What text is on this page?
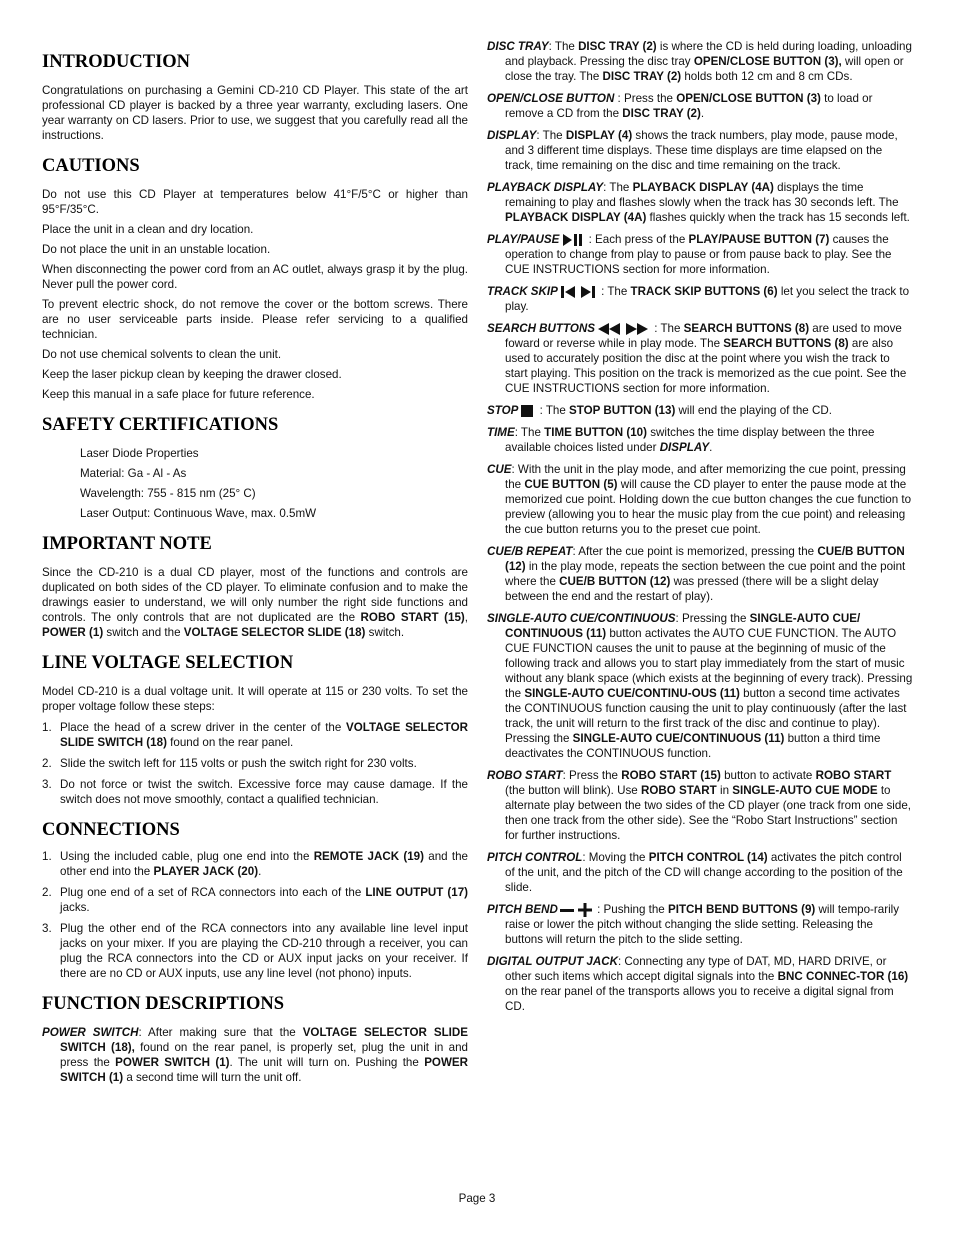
INTRODUCTION

Congratulations on purchasing a Gemini CD-210 CD Player. This state of the art professional CD player is backed by a three year warranty, excluding lasers. One year warranty on CD lasers. Prior to use, we suggest that you carefully read all the instructions.

CAUTIONS

Do not use this CD Player at temperatures below 41°F/5°C or higher than 95°F/35°C.

Place the unit in a clean and dry location.

Do not place the unit in an unstable location.

When disconnecting the power cord from an AC outlet, always grasp it by the plug. Never pull the power cord.

To prevent electric shock, do not remove the cover or the bottom screws. There are no user serviceable parts inside. Please refer servicing to a qualified technician.

Do not use chemical solvents to clean the unit.

Keep the laser pickup clean by keeping the drawer closed.

Keep this manual in a safe place for future reference.

SAFETY CERTIFICATIONS

Laser Diode Properties

Material: Ga - Al - As

Wavelength: 755 - 815 nm (25° C)

Laser Output: Continuous Wave, max. 0.5mW

IMPORTANT NOTE

Since the CD-210 is a dual CD player, most of the functions and controls are duplicated on both sides of the CD player. To eliminate confusion and to make the drawings easier to understand, we will only number the right side functions and controls. The only controls that are not duplicated are the ROBO START (15), POWER (1) switch and the VOLTAGE SELECTOR SLIDE (18) switch.

LINE VOLTAGE SELECTION

Model CD-210 is a dual voltage unit. It will operate at 115 or 230 volts. To set the proper voltage follow these steps:

1. Place the head of a screw driver in the center of the VOLTAGE SELECTOR SLIDE SWITCH (18) found on the rear panel.
2. Slide the switch left for 115 volts or push the switch right for 230 volts.
3. Do not force or twist the switch. Excessive force may cause damage. If the switch does not move smoothly, contact a qualified technician.
CONNECTIONS
1. Using the included cable, plug one end into the REMOTE JACK (19) and the other end into the PLAYER JACK (20).
2. Plug one end of a set of RCA connectors into each of the LINE OUTPUT (17) jacks.
3. Plug the other end of the RCA connectors into any available line level input jacks on your mixer. If you are playing the CD-210 through a receiver, you can plug the RCA connectors into the CD or AUX input jacks on your receiver. If there are no CD or AUX inputs, use any line level (not phono) inputs.
FUNCTION DESCRIPTIONS

POWER SWITCH: After making sure that the VOLTAGE SELECTOR SLIDE SWITCH (18), found on the rear panel, is properly set, plug the unit in and press the POWER SWITCH (1). The unit will turn on. Pushing the POWER SWITCH (1) a second time will turn the unit off.

DISC TRAY: The DISC TRAY (2) is where the CD is held during loading, unloading and playback. Pressing the disc tray OPEN/CLOSE BUTTON (3), will open or close the tray. The DISC TRAY (2) holds both 12 cm and 8 cm CDs.

OPEN/CLOSE BUTTON : Press the OPEN/CLOSE BUTTON (3) to load or remove a CD from the DISC TRAY (2).

DISPLAY: The DISPLAY (4) shows the track numbers, play mode, pause mode, and 3 different time displays. These time displays are time elapsed on the track, time remaining on the disc and time remaining on the track.

PLAYBACK DISPLAY: The PLAYBACK DISPLAY (4A) displays the time remaining to play and flashes slowly when the track has 30 seconds left. The PLAYBACK DISPLAY (4A) flashes quickly when the track has 15 seconds left.

PLAY/PAUSE : Each press of the PLAY/PAUSE BUTTON (7) causes the operation to change from play to pause or from pause back to play. See the CUE INSTRUCTIONS section for more information.

TRACK SKIP	: The TRACK SKIP BUTTONS (6) let you select the track to play.

SEARCH BUTTONS	: The SEARCH BUTTONS (8) are used to move foward or reverse while in play mode. The SEARCH BUTTONS (8) are also used to accurately position the disc at the point where you wish the track to start playing. This position on the track is memorized as the cue point. See the CUE INSTRUCTIONS section for more information.

STOP : The STOP BUTTON (13) will end the playing of the CD.

TIME: The TIME BUTTON (10) switches the time display between the three available choices listed under DISPLAY.

CUE: With the unit in the play mode, and after memorizing the cue point, pressing the CUE BUTTON (5) will cause the CD player to enter the pause mode at the memorized cue point. Holding down the cue button changes the cue function to preview (allowing you to hear the music play from the cue point) and releasing the cue button returns you to the preset cue point.

CUE/B REPEAT: After the cue point is memorized, pressing the CUE/B BUTTON (12) in the play mode, repeats the section between the cue point and the point where the CUE/B BUTTON (12) was pressed (there will be a slight delay between the end and the restart of play).

SINGLE-AUTO CUE/CONTINUOUS: Pressing the SINGLE-AUTO CUE/ CONTINUOUS (11) button activates the AUTO CUE FUNCTION. The AUTO CUE FUNCTION causes the unit to pause at the beginning of music of the following track and allows you to start play immediately from the start of music without any blank space (which exists at the beginning of every track). Pressing the SINGLE-AUTO CUE/CONTINU-OUS (11) button a second time activates the CONTINUOUS function causing the unit to play continuously (after the last track, the unit will return to the first track of the disc and continue to play). Pressing the SINGLE-AUTO CUE/CONTINUOUS (11) button a third time deactivates the CONTINUOUS function.

ROBO START: Press the ROBO START (15) button to activate ROBO START (the button will blink). Use ROBO START in SINGLE-AUTO CUE MODE to alternate play between the two sides of the CD player (one track from one side, then one track from the other side). See the “Robo Start Instructions” section for further instructions.

PITCH CONTROL: Moving the PITCH CONTROL (14) activates the pitch control of the unit, and the pitch of the CD will change according to the position of the slide.

PITCH BEND	: Pushing the PITCH BEND BUTTONS (9) will tempo-rarily raise or lower the pitch without changing the slide setting. Releasing the buttons will return the pitch to the slide setting.

DIGITAL OUTPUT JACK: Connecting any type of DAT, MD, HARD DRIVE, or other such items which accept digital signals into the BNC CONNEC-TOR (16) on the rear panel of the transports allows you to receive a digital signal from CD.

Page 3
